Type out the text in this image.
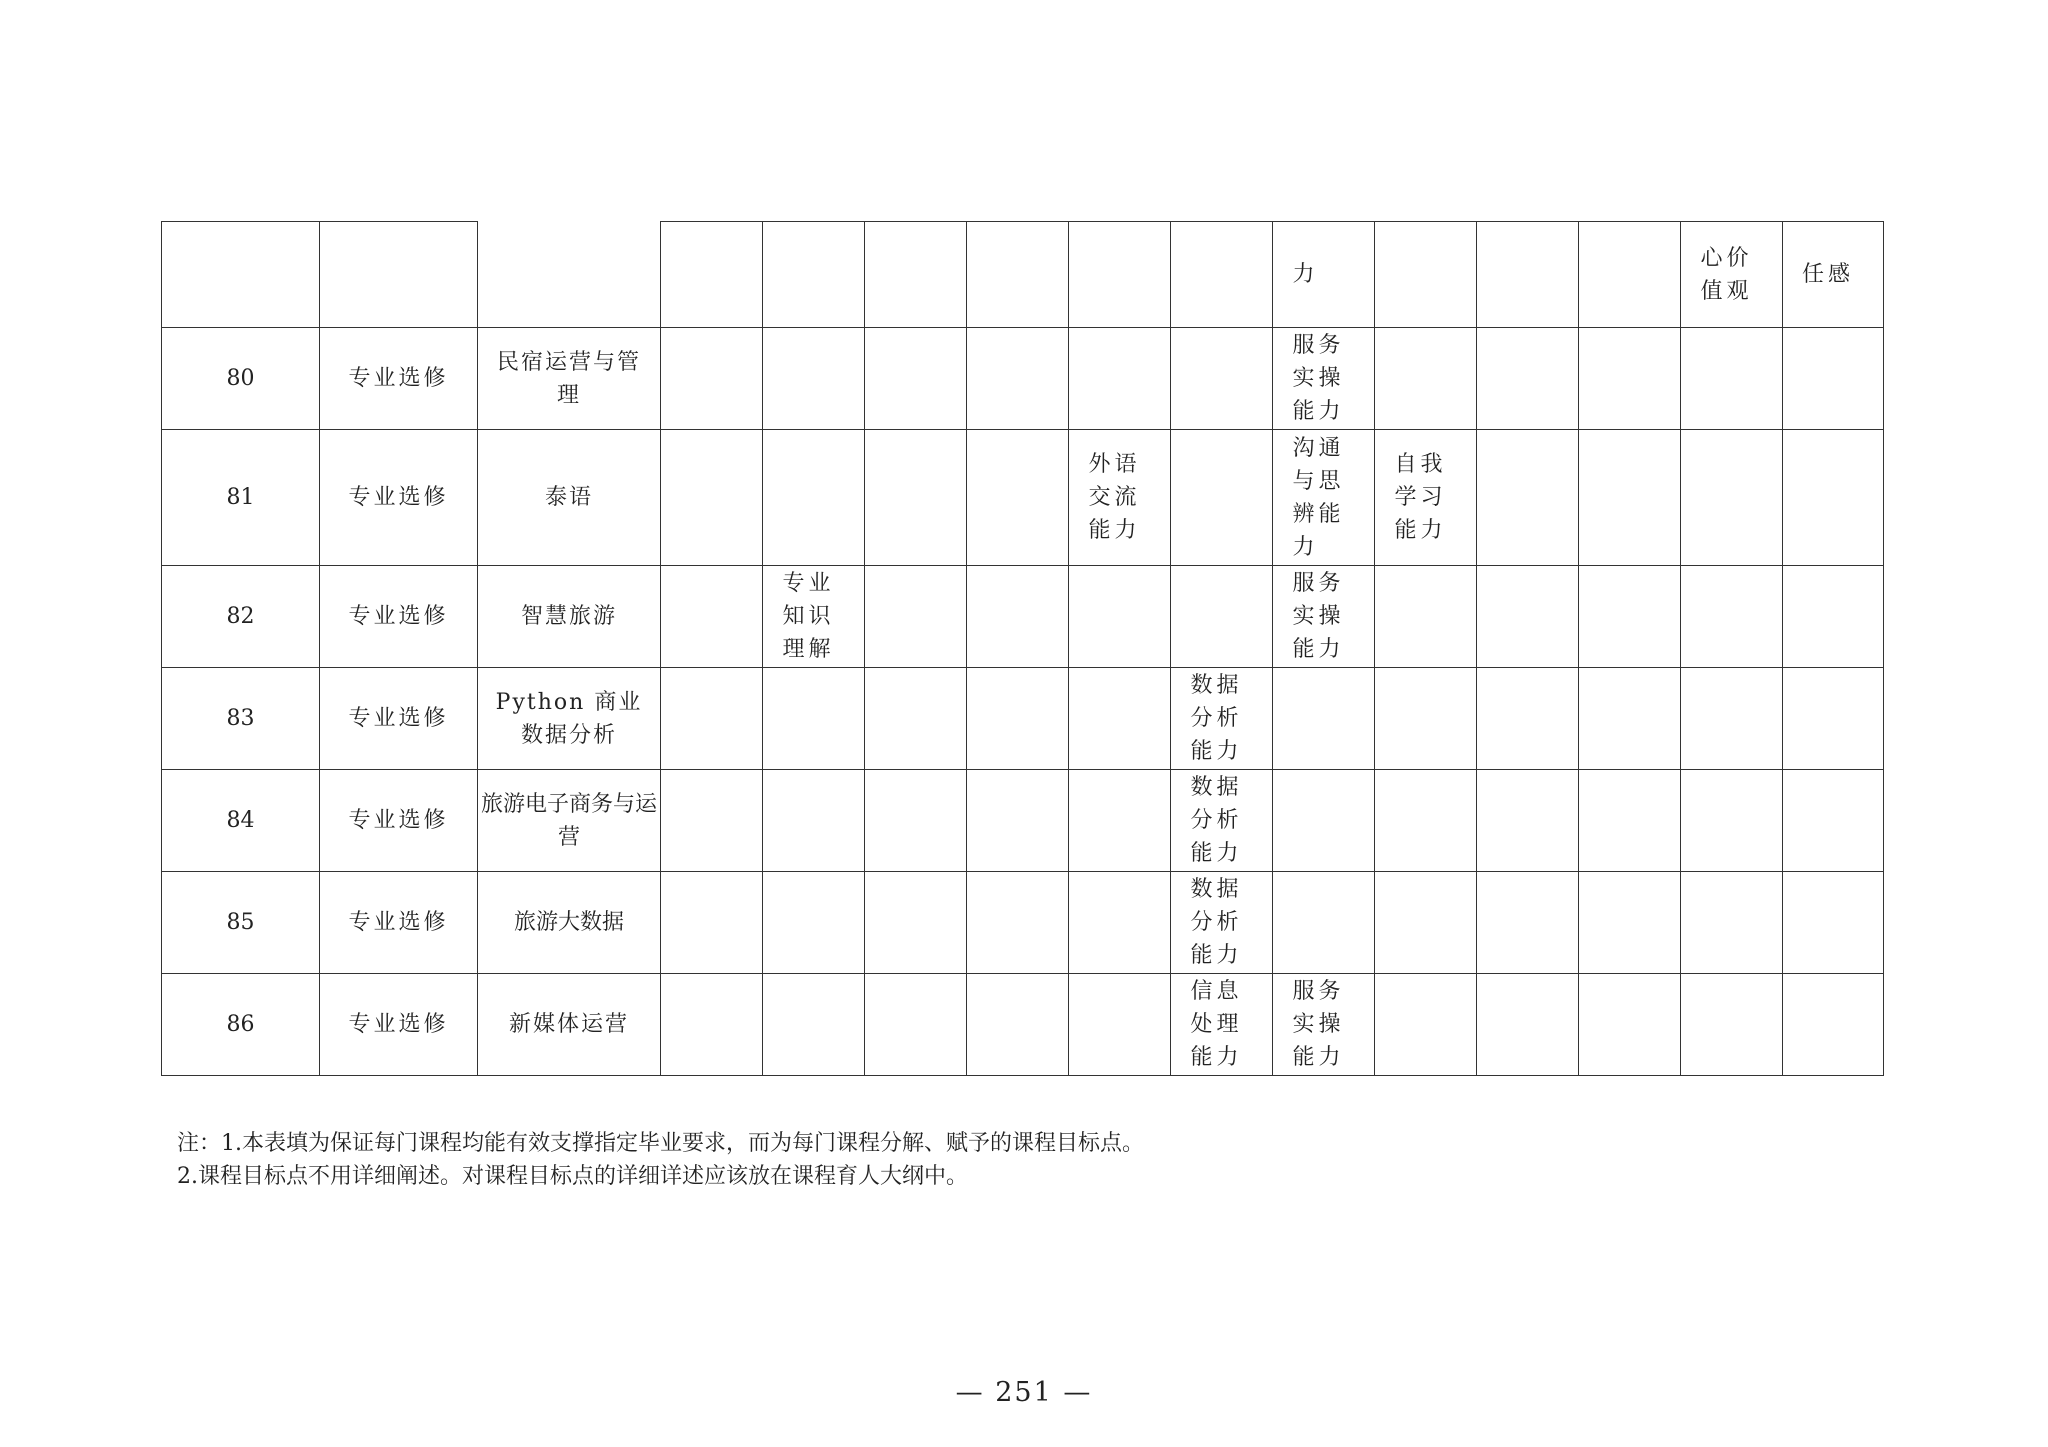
									力				心价值观	任感
80	专业选修	民宿运营与管理							服务实操能力					
81	专业选修	泰语					外语交流能力		沟通与思辨能力	自我学习能力				
82	专业选修	智慧旅游		专业知识理解					服务实操能力					
83	专业选修	Python 商业数据分析						数据分析能力						
84	专业选修	旅游电子商务与运营						数据分析能力						
85	专业选修	旅游大数据						数据分析能力						
86	专业选修	新媒体运营						信息处理能力	服务实操能力					
注：1.本表填为保证每门课程均能有效支撑指定毕业要求，而为每门课程分解、赋予的课程目标点。
2.课程目标点不用详细阐述。对课程目标点的详细详述应该放在课程育人大纲中。
— 251 —
